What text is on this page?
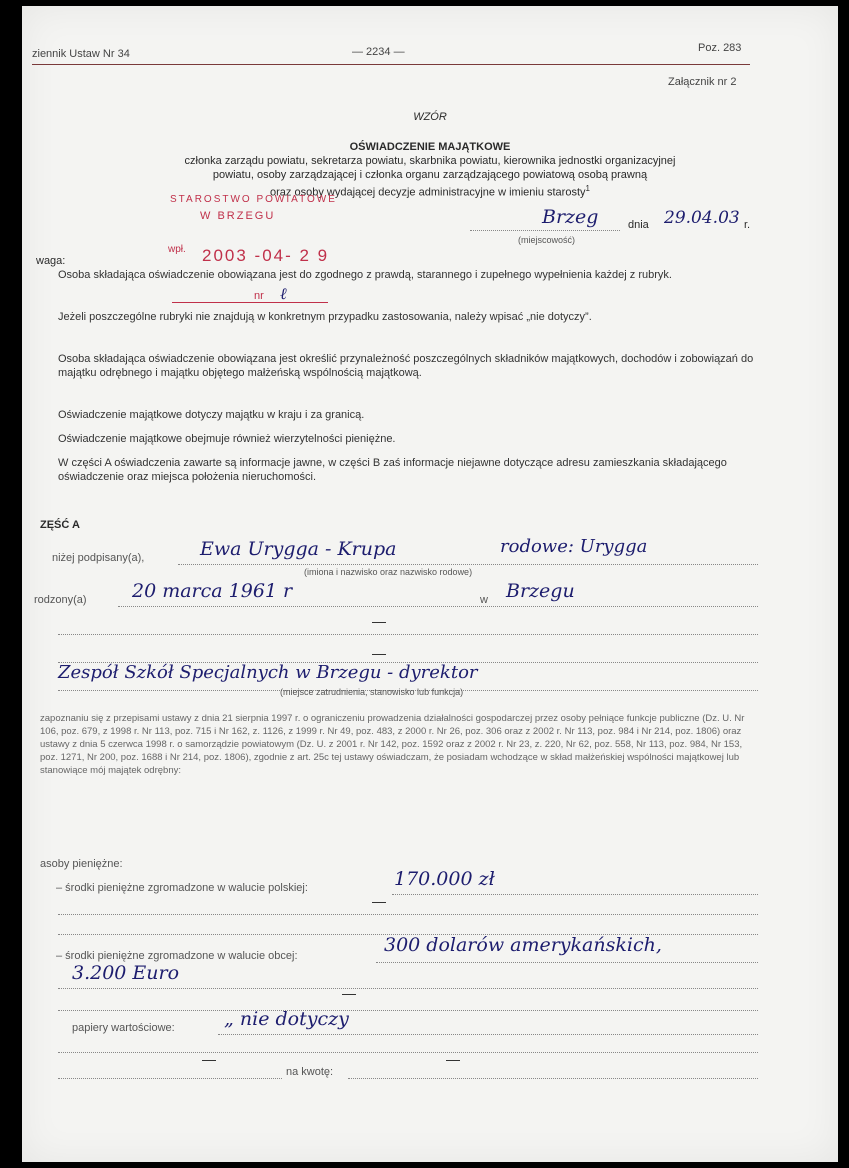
ziennik Ustaw Nr 34	— 2234 —	Poz. 283
Załącznik nr 2
WZÓR
OŚWIADCZENIE MAJĄTKOWE
członka zarządu powiatu, sekretarza powiatu, skarbnika powiatu, kierownika jednostki organizacyjnej
powiatu, osoby zarządzającej i członka organu zarządzającego powiatową osobą prawną
oraz osoby wydającej decyzje administracyjne w imieniu starosty$^1$
STAROSTWO POWIATOWE
W BRZEGU
wpł. 2003 -04- 2 9
nr ℓ
Brzeg	dnia 29.04.03 r.
(miejscowość)
waga:
Osoba składająca oświadczenie obowiązana jest do zgodnego z prawdą, starannego i zupełnego wypełnienia każdej z rubryk.
Jeżeli poszczególne rubryki nie znajdują w konkretnym przypadku zastosowania, należy wpisać „nie dotyczy”.
Osoba składająca oświadczenie obowiązana jest określić przynależność poszczególnych składników majątkowych, dochodów i zobowiązań do majątku odrębnego i majątku objętego małżeńską wspólnością majątkową.
Oświadczenie majątkowe dotyczy majątku w kraju i za granicą.
Oświadczenie majątkowe obejmuje również wierzytelności pieniężne.
W części A oświadczenia zawarte są informacje jawne, w części B zaś informacje niejawne dotyczące adresu zamieszkania składającego oświadczenie oraz miejsca położenia nieruchomości.
ZĘŚĆ A
niżej podpisany(a),	Ewa Urygga - Krupa	rodowe: Urygga
(imiona i nazwisko oraz nazwisko rodowe)
rodzony(a) 20 marca 1961 r	w Brzegu
Zespół Szkół Specjalnych w Brzegu - dyrektor
(miejsce zatrudnienia, stanowisko lub funkcja)
zapoznaniu się z przepisami ustawy z dnia 21 sierpnia 1997 r. o ograniczeniu prowadzenia działalności gospodarczej przez osoby pełniące funkcje publiczne (Dz. U. Nr 106, poz. 679, z 1998 r. Nr 113, poz. 715 i Nr 162, z. 1126, z 1999 r. Nr 49, poz. 483, z 2000 r. Nr 26, poz. 306 oraz z 2002 r. Nr 113, poz. 984 i Nr 214, poz. 1806) oraz ustawy z dnia 5 czerwca 1998 r. o samorządzie powiatowym (Dz. U. z 2001 r. Nr 142, poz. 1592 oraz z 2002 r. Nr 23, z. 220, Nr 62, poz. 558, Nr 113, poz. 984, Nr 153, poz. 1271, Nr 200, poz. 1688 i Nr 214, poz. 1806), zgodnie z art. 25c tej ustawy oświadczam, że posiadam wchodzące w skład małżeńskiej wspólności majątkowej lub stanowiące mój majątek odrębny:
asoby pieniężne:
– środki pieniężne zgromadzone w walucie polskiej:	170.000 zł
– środki pieniężne zgromadzone w walucie obcej:	300 dolarów amerykańskich,
3.200 Euro
papiery wartościowe:	„ nie dotyczy
na kwotę:
